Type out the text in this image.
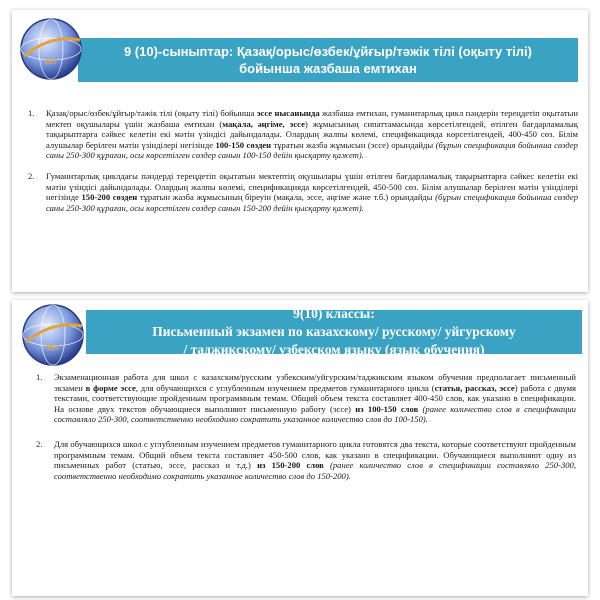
9 (10)-сыныптар: Қазақ/орыс/өзбек/ұйғыр/тәжік тілі (оқыту тілі)
бойынша жазбаша емтихан
ҰБТ
1.	Қазақ/орыс/өзбек/ұйғыр/тәжік тілі (оқыту тілі) бойынша эссе нысанында жазбаша емтихан, гуманитарлық цикл пәндерін тереңдетіп оқытатын мектеп оқушылары үшін жазбаша емтихан (мақала, әңгіме, эссе) жұмысының сипаттамасында көрсетілгендей, өтілген бағдарламалық тақырыптарға сәйкес келетін екі мәтін үзіндісі дайындалады. Олардың жалпы көлемі, спецификацияда көрсетілгендей, 400-450 сөз. Білім алушылар берілген мәтін үзінділері негізінде 100-150 сөзден тұратын жазба жұмысын (эссе) орындайды (бұрын спецификация бойынша сөздер саны 250-300 құраған, осы көрсетілген сөздер санын 100-150 дейін қысқарту қажет).
2.	Гуманитарлық циклдағы пәндерді тереңдетіп оқытатын мектептің оқушылары үшін өтілген бағдарламалық тақырыптарға сәйкес келетін екі мәтін үзіндісі дайындалады. Олардың жалпы көлемі, спецификацияда көрсетілгендей, 450-500 сөз. Білім алушылар берілген мәтін үзінділері негізінде 150-200 сөзден тұратын жазба жұмысының біреуін (мақала, эссе, әңгіме және т.б.) орындайды (бұрын спецификация бойынша сөздер саны 250-300 құраған, осы көрсетілген сөздер санын 150-200 дейін қысқарту қажет).
9(10) классы:
Письменный экзамен по казахскому/ русскому/ уйгурскому
/ таджикскому/ узбекском языку (язык обучения)
ҰБТ
1.	Экзаменационная работа для школ с казахским/русским узбекским/уйгурским/таджикским языком обучения предполагает письменный экзамен в форме эссе, для обучающихся с углубленным изучением предметов гуманитарного цикла (статья, рассказ, эссе) работа с двумя текстами, соответствующие пройденным программным темам. Общий объем текста составляет 400-450 слов, как указано в спецификации. На основе двух текстов обучающиеся выполняют письменную работу (эссе) из 100-150 слов (ранее количество слов в спецификации составляло 250-300, соответственно необходимо сократить указанное количество слов до 100-150).
2.	Для обучающихся школ с углубленным изучением предметов гуманитарного цикла готовятся два текста, которые соответствуют пройденным программным темам. Общий объем текста составляет 450-500 слов, как указано в спецификации. Обучающиеся выполняют одну из письменных работ (статью, эссе, рассказ и т.д.) из 150-200 слов (ранее количество слов в спецификации составляло 250-300, соответственно необходимо сократить указанное количество слов до 150-200).
